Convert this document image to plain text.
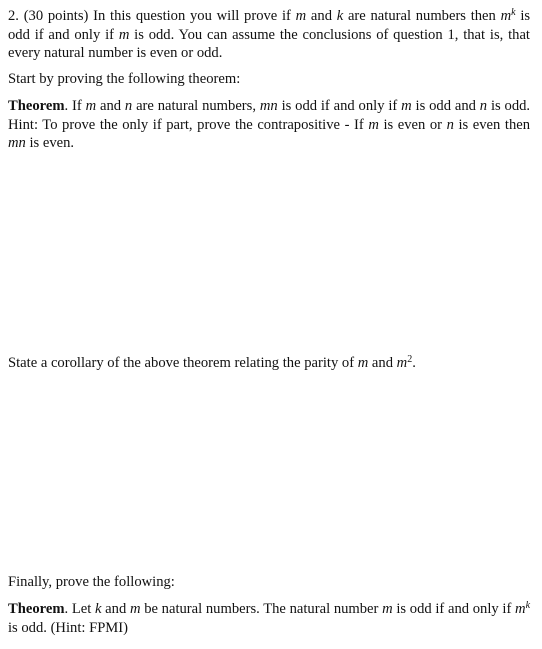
2. (30 points) In this question you will prove if m and k are natural numbers then $m^k$ is odd if and only if m is odd. You can assume the conclusions of question 1, that is, that every natural number is even or odd.

Start by proving the following theorem:

Theorem. If m and n are natural numbers, mn is odd if and only if m is odd and n is odd. Hint: To prove the only if part, prove the contrapositive - If m is even or n is even then mn is even.

State a corollary of the above theorem relating the parity of m and $m^2$.

Finally, prove the following:

Theorem. Let k and m be natural numbers. The natural number m is odd if and only if $m^k$ is odd. (Hint: FPMI)
